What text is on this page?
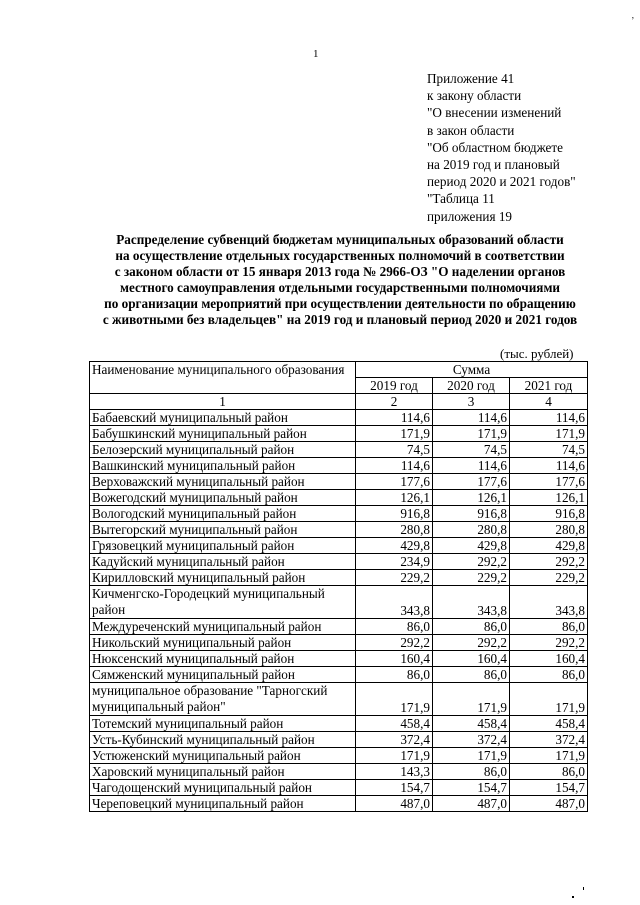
,
1
Приложение 41
к закону области
"О внесении изменений
в закон области
"Об областном бюджете
на 2019 год и плановый
период 2020 и 2021 годов"
"Таблица 11
приложения 19
Распределение субвенций бюджетам муниципальных образований области
на осуществление отдельных государственных полномочий в соответствии
с законом области от 15 января 2013 года № 2966-ОЗ "О наделении органов
местного самоуправления отдельными государственными полномочиями
по организации мероприятий при осуществлении деятельности по обращению
с животными без владельцев" на 2019 год и плановый период 2020 и 2021 годов
(тыс. рублей)
Наименование муниципального образования	Сумма		
	2019 год	2020 год	2021 год
1	2	3	4
Бабаевский муниципальный район	114,6	114,6	114,6
Бабушкинский муниципальный район	171,9	171,9	171,9
Белозерский муниципальный район	74,5	74,5	74,5
Вашкинский муниципальный район	114,6	114,6	114,6
Верховажский муниципальный район	177,6	177,6	177,6
Вожегодский муниципальный район	126,1	126,1	126,1
Вологодский муниципальный район	916,8	916,8	916,8
Вытегорский муниципальный район	280,8	280,8	280,8
Грязовецкий муниципальный район	429,8	429,8	429,8
Кадуйский муниципальный район	234,9	292,2	292,2
Кирилловский муниципальный район	229,2	229,2	229,2
Кичменгско-Городецкий муниципальный район	343,8	343,8	343,8
Междуреченский муниципальный район	86,0	86,0	86,0
Никольский муниципальный район	292,2	292,2	292,2
Нюксенский муниципальный район	160,4	160,4	160,4
Сямженский муниципальный район	86,0	86,0	86,0
муниципальное образование "Тарногский муниципальный район"	171,9	171,9	171,9
Тотемский муниципальный район	458,4	458,4	458,4
Усть-Кубинский муниципальный район	372,4	372,4	372,4
Устюженский муниципальный район	171,9	171,9	171,9
Харовский муниципальный район	143,3	86,0	86,0
Чагодощенский муниципальный район	154,7	154,7	154,7
Череповецкий муниципальный район	487,0	487,0	487,0
